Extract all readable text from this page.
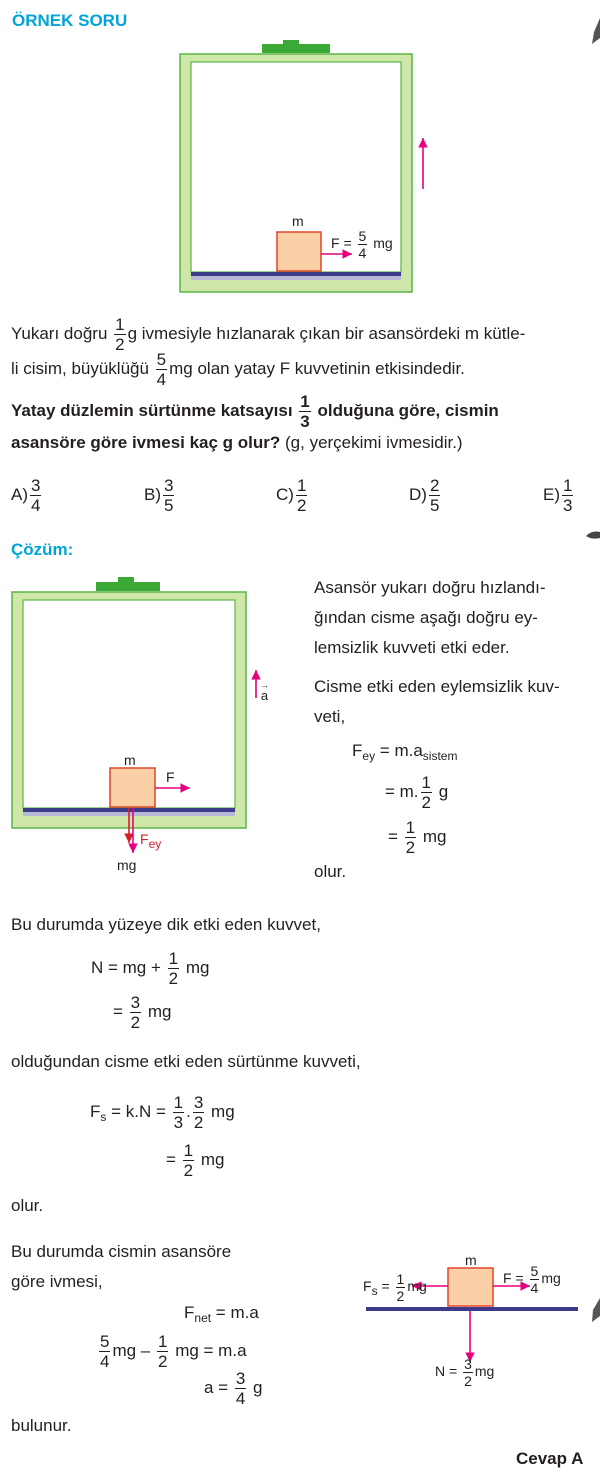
ÖRNEK SORU
m
$F = \frac{5}{4}$ mg
Yukarı doğru $\frac{1}{2}$ g ivmesiyle hızlanarak çıkan bir asansördeki m kütle-
li cisim, büyüklüğü $\frac{5}{4}$ mg olan yatay F kuvvetinin etkisindedir.
Yatay düzlemin sürtünme katsayısı $\frac{1}{3}$ olduğuna göre, cismin
asansöre göre ivmesi kaç g olur? (g, yerçekimi ivmesidir.)
$A) \frac{3}{4}$	$B) \frac{3}{5}$	$C) \frac{1}{2}$	$D) \frac{2}{5}$	$E) \frac{1}{3}$
Çözüm:
→
a
m
F
$F_{ey}$
mg
Asansör yukarı doğru hızlandı-
ğından cisme aşağı doğru ey-
lemsizlik kuvveti etki eder.
Cisme etki eden eylemsizlik kuv-
veti,
$F_{ey} = m.a_{sistem}$
= m. $\frac{1}{2}$ g
= $\frac{1}{2}$ mg
olur.
Bu durumda yüzeye dik etki eden kuvvet,
N = mg + $\frac{1}{2}$ mg
= $\frac{3}{2}$ mg
olduğundan cisme etki eden sürtünme kuvveti,
$F_s = k.N = \frac{1}{3}$ . $\frac{3}{2}$ mg
= $\frac{1}{2}$ mg
olur.
Bu durumda cismin asansöre
göre ivmesi,
$F_{net} = m.a$
$\frac{5}{4}$ mg – $\frac{1}{2}$ mg = m.a
$a = \frac{3}{4}$ g
bulunur.
m
$F_s = \frac{1}{2}$ mg	$F = \frac{5}{4}$ mg
$N = \frac{3}{2}$ mg
Cevap A
